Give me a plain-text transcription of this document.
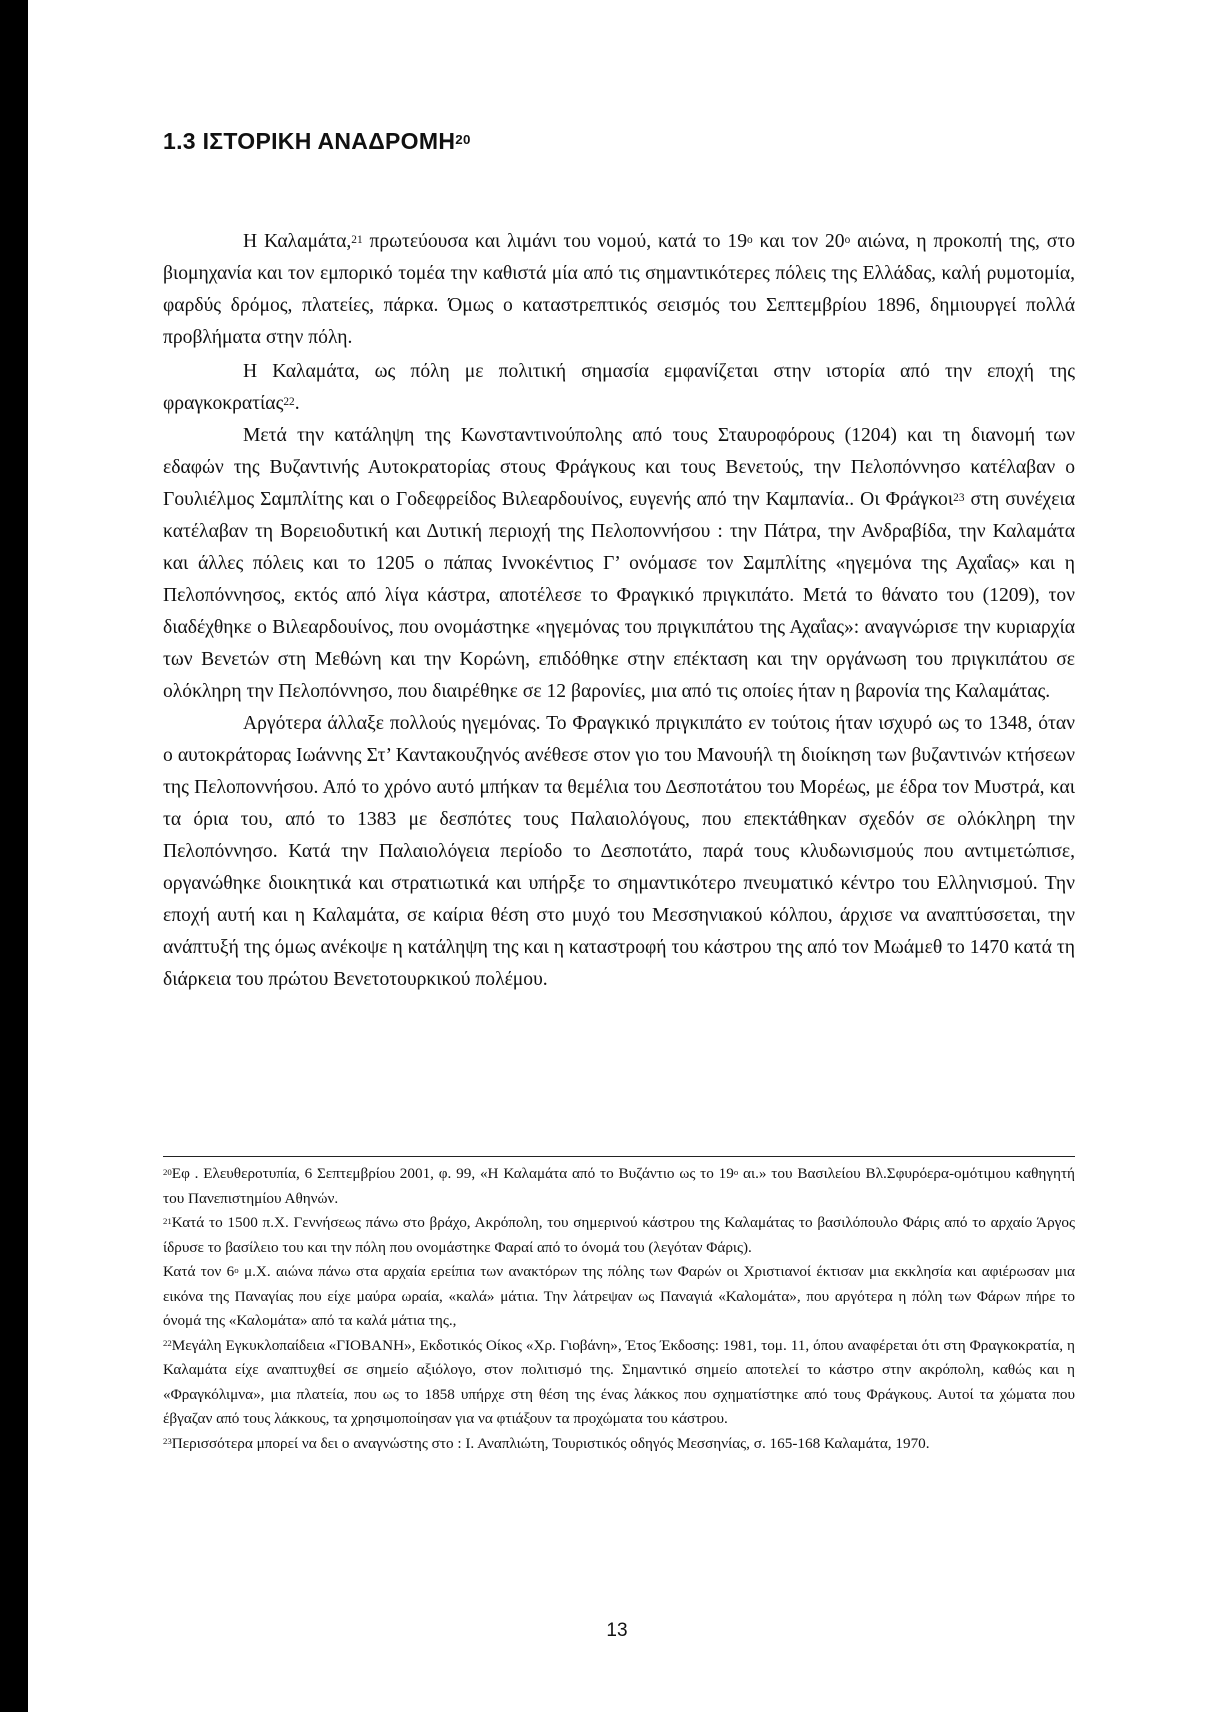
1.3 ΙΣΤΟΡΙΚΗ ΑΝΑΔΡΟΜΗ$^{20}$

Η Καλαμάτα,$^{21}$ πρωτεύουσα και λιμάνι του νομού, κατά το $19^o$ και τον $20^o$ αιώνα, η προκοπή της, στο βιομηχανία και τον εμπορικό τομέα την καθιστά μία από τις σημαντικότερες πόλεις της Ελλάδας, καλή ρυμοτομία, φαρδύς δρόμος, πλατείες, πάρκα. Όμως ο καταστρεπτικός σεισμός του Σεπτεμβρίου 1896, δημιουργεί πολλά προβλήματα στην πόλη.

Η Καλαμάτα, ως πόλη με πολιτική σημασία εμφανίζεται στην ιστορία από την εποχή της φραγκοκρατίας$^{22}$.

Μετά την κατάληψη της Κωνσταντινούπολης από τους Σταυροφόρους (1204) και τη διανομή των εδαφών της Βυζαντινής Αυτοκρατορίας στους Φράγκους και τους Βενετούς, την Πελοπόννησο κατέλαβαν ο Γουλιέλμος Σαμπλίτης και ο Γοδεφρείδος Βιλεαρδουίνος, ευγενής από την Καμπανία.. Οι Φράγκοι$^{23}$ στη συνέχεια κατέλαβαν τη Βορειοδυτική και Δυτική περιοχή της Πελοποννήσου : την Πάτρα, την Ανδραβίδα, την Καλαμάτα και άλλες πόλεις και το 1205 ο πάπας Ιννοκέντιος Γ’ ονόμασε τον Σαμπλίτης «ηγεμόνα της Αχαΐας» και η Πελοπόννησος, εκτός από λίγα κάστρα, αποτέλεσε το Φραγκικό πριγκιπάτο. Μετά το θάνατο του (1209), τον διαδέχθηκε ο Βιλεαρδουίνος, που ονομάστηκε «ηγεμόνας του πριγκιπάτου της Αχαΐας»: αναγνώρισε την κυριαρχία των Βενετών στη Μεθώνη και την Κορώνη, επιδόθηκε στην επέκταση και την οργάνωση του πριγκιπάτου σε ολόκληρη την Πελοπόννησο, που διαιρέθηκε σε 12 βαρονίες, μια από τις οποίες ήταν η βαρονία της Καλαμάτας.

Αργότερα άλλαξε πολλούς ηγεμόνας. Το Φραγκικό πριγκιπάτο εν τούτοις ήταν ισχυρό ως το 1348, όταν ο αυτοκράτορας Ιωάννης Στ’ Καντακουζηνός ανέθεσε στον γιο του Μανουήλ τη διοίκηση των βυζαντινών κτήσεων της Πελοποννήσου. Από το χρόνο αυτό μπήκαν τα θεμέλια του Δεσποτάτου του Μορέως, με έδρα τον Μυστρά, και τα όρια του, από το 1383 με δεσπότες τους Παλαιολόγους, που επεκτάθηκαν σχεδόν σε ολόκληρη την Πελοπόννησο. Κατά την Παλαιολόγεια περίοδο το Δεσποτάτο, παρά τους κλυδωνισμούς που αντιμετώπισε, οργανώθηκε διοικητικά και στρατιωτικά και υπήρξε το σημαντικότερο πνευματικό κέντρο του Ελληνισμού. Την εποχή αυτή και η Καλαμάτα, σε καίρια θέση στο μυχό του Μεσσηνιακού κόλπου, άρχισε να αναπτύσσεται, την ανάπτυξή της όμως ανέκοψε η κατάληψη της και η καταστροφή του κάστρου της από τον Μωάμεθ το 1470 κατά τη διάρκεια του πρώτου Βενετοτουρκικού πολέμου.

$^{20}$Εφ . Ελευθεροτυπία, 6 Σεπτεμβρίου 2001, φ. 99, «Η Καλαμάτα από το Βυζάντιο ως το $19^o$ αι.» του Βασιλείου Βλ.Σφυρόερα-ομότιμου καθηγητή του Πανεπιστημίου Αθηνών.

$^{21}$Κατά το 1500 π.Χ. Γεννήσεως πάνω στο βράχο, Ακρόπολη, του σημερινού κάστρου της Καλαμάτας το βασιλόπουλο Φάρις από το αρχαίο Άργος ίδρυσε το βασίλειο του και την πόλη που ονομάστηκε Φαραί από το όνομά του (λεγόταν Φάρις).

Κατά τον $6^o$ μ.Χ. αιώνα πάνω στα αρχαία ερείπια των ανακτόρων της πόλης των Φαρών οι Χριστιανοί έκτισαν μια εκκλησία και αφιέρωσαν μια εικόνα της Παναγίας που είχε μαύρα ωραία, «καλά» μάτια. Την λάτρεψαν ως Παναγιά «Καλομάτα», που αργότερα η πόλη των Φάρων πήρε το όνομά της «Καλομάτα» από τα καλά μάτια της.,

$^{22}$Μεγάλη Εγκυκλοπαίδεια «ΓΙΟΒΑΝΗ», Εκδοτικός Οίκος «Χρ. Γιοβάνη», Έτος Έκδοσης: 1981, τομ. 11, όπου αναφέρεται ότι στη Φραγκοκρατία, η Καλαμάτα είχε αναπτυχθεί σε σημείο αξιόλογο, στον πολιτισμό της. Σημαντικό σημείο αποτελεί το κάστρο στην ακρόπολη, καθώς και η «Φραγκόλιμνα», μια πλατεία, που ως το 1858 υπήρχε στη θέση της ένας λάκκος που σχηματίστηκε από τους Φράγκους. Αυτοί τα χώματα που έβγαζαν από τους λάκκους, τα χρησιμοποίησαν για να φτιάξουν τα προχώματα του κάστρου.

$^{23}$Περισσότερα μπορεί να δει ο αναγνώστης στο : Ι. Αναπλιώτη, Τουριστικός οδηγός Μεσσηνίας, σ. 165-168 Καλαμάτα, 1970.

13
